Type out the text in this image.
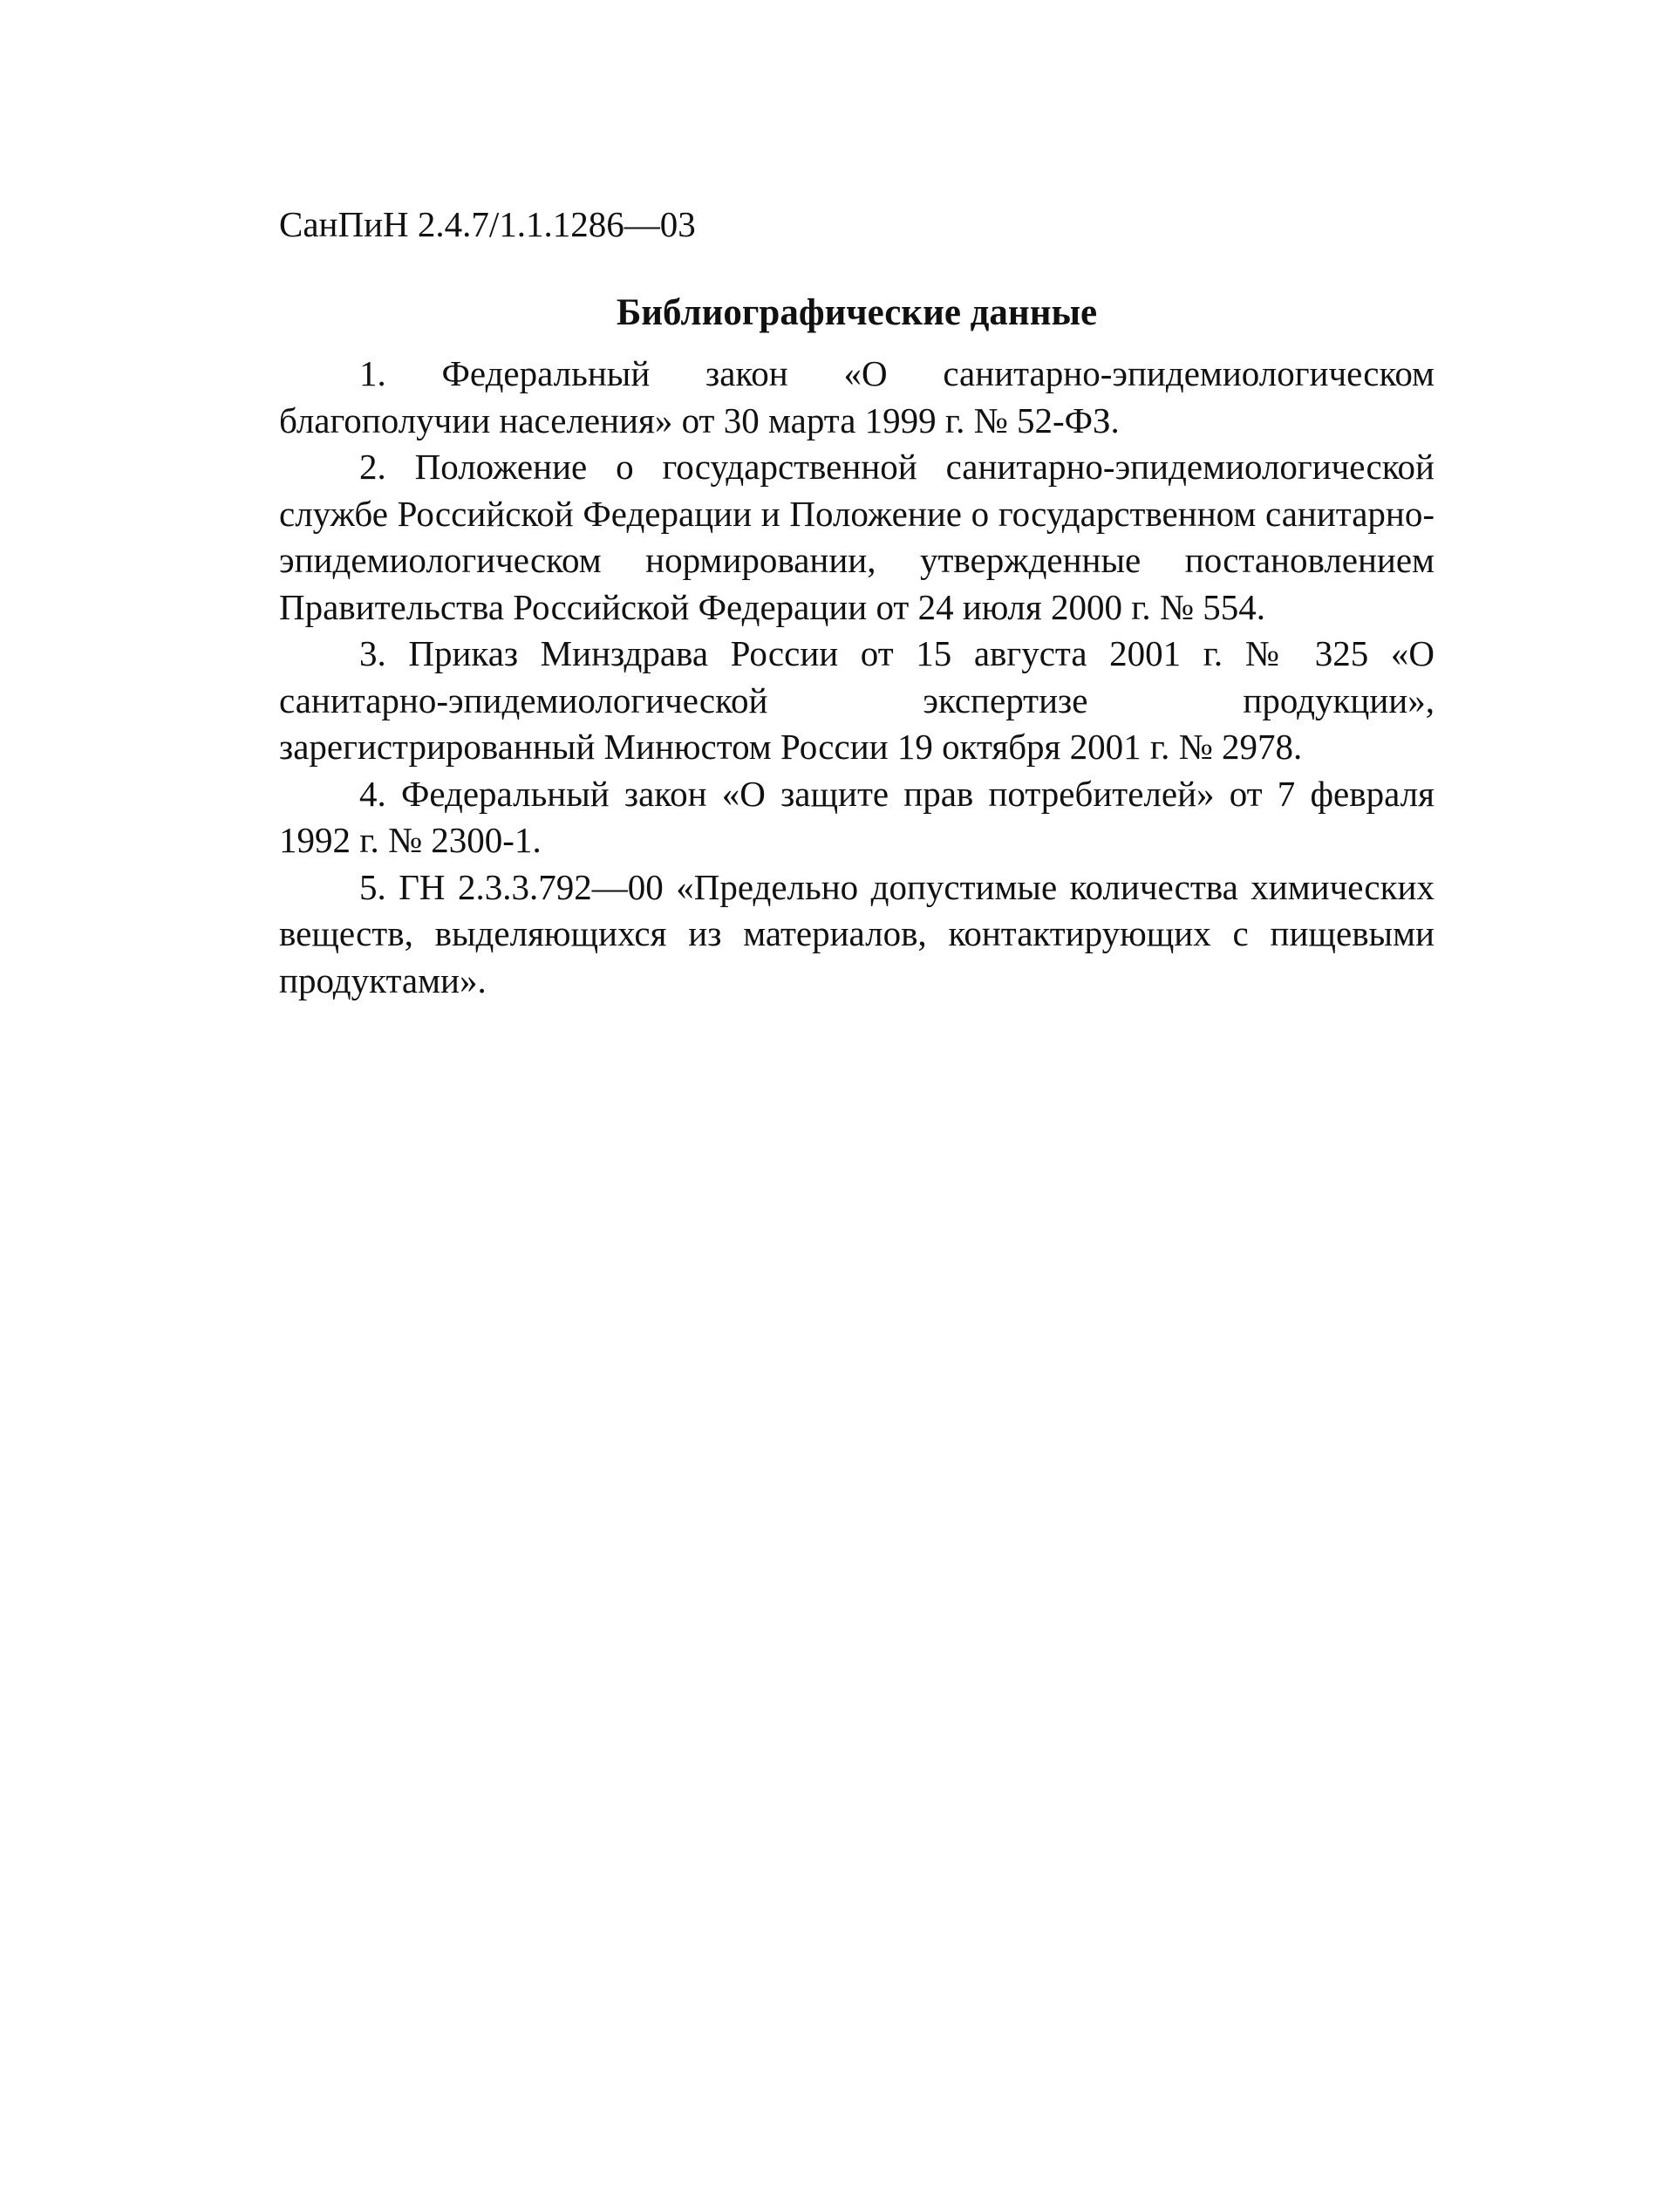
СанПиН 2.4.7/1.1.1286—03
Библиографические данные
1. Федеральный закон «О санитарно-эпидемиологическом благополучии населения» от 30 марта 1999 г. № 52-ФЗ.
2. Положение о государственной санитарно-эпидемиологической службе Российской Федерации и Положение о государственном санитарно-эпидемиологическом нормировании, утвержденные постановлением Правительства Российской Федерации от 24 июля 2000 г. № 554.
3. Приказ Минздрава России от 15 августа 2001 г. № 325 «О санитарно-эпидемиологической экспертизе продукции», зарегистрированный Минюстом России 19 октября 2001 г. № 2978.
4. Федеральный закон «О защите прав потребителей» от 7 февраля 1992 г. № 2300-1.
5. ГН 2.3.3.792—00 «Предельно допустимые количества химических веществ, выделяющихся из материалов, контактирующих с пищевыми продуктами».
